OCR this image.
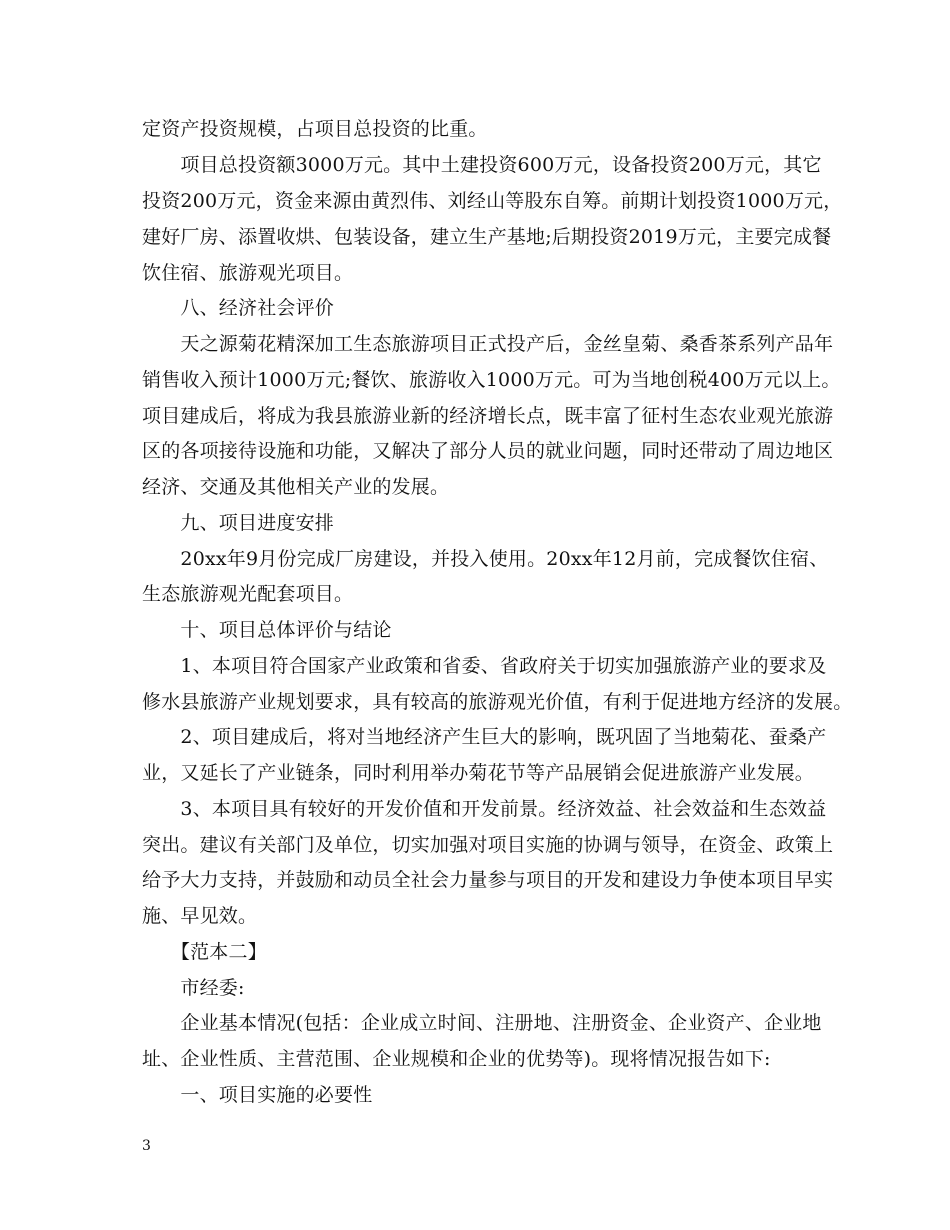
定资产投资规模，占项目总投资的比重。
　　项目总投资额3000万元。其中土建投资600万元，设备投资200万元，其它
投资200万元，资金来源由黄烈伟、刘经山等股东自筹。前期计划投资1000万元，
建好厂房、添置收烘、包装设备，建立生产基地;后期投资2019万元，主要完成餐
饮住宿、旅游观光项目。
　　八、经济社会评价
　　天之源菊花精深加工生态旅游项目正式投产后，金丝皇菊、桑香茶系列产品年
销售收入预计1000万元;餐饮、旅游收入1000万元。可为当地创税400万元以上。
项目建成后，将成为我县旅游业新的经济增长点，既丰富了征村生态农业观光旅游
区的各项接待设施和功能，又解决了部分人员的就业问题，同时还带动了周边地区
经济、交通及其他相关产业的发展。
　　九、项目进度安排
　　20xx年9月份完成厂房建设，并投入使用。20xx年12月前，完成餐饮住宿、
生态旅游观光配套项目。
　　十、项目总体评价与结论
　　1、本项目符合国家产业政策和省委、省政府关于切实加强旅游产业的要求及
修水县旅游产业规划要求，具有较高的旅游观光价值，有利于促进地方经济的发展。
　　2、项目建成后，将对当地经济产生巨大的影响，既巩固了当地菊花、蚕桑产
业，又延长了产业链条，同时利用举办菊花节等产品展销会促进旅游产业发展。
　　3、本项目具有较好的开发价值和开发前景。经济效益、社会效益和生态效益
突出。建议有关部门及单位，切实加强对项目实施的协调与领导，在资金、政策上
给予大力支持，并鼓励和动员全社会力量参与项目的开发和建设力争使本项目早实
施、早见效。
　　【范本二】
　　市经委:
　　企业基本情况(包括：企业成立时间、注册地、注册资金、企业资产、企业地
址、企业性质、主营范围、企业规模和企业的优势等)。现将情况报告如下:
　　一、项目实施的必要性
3
